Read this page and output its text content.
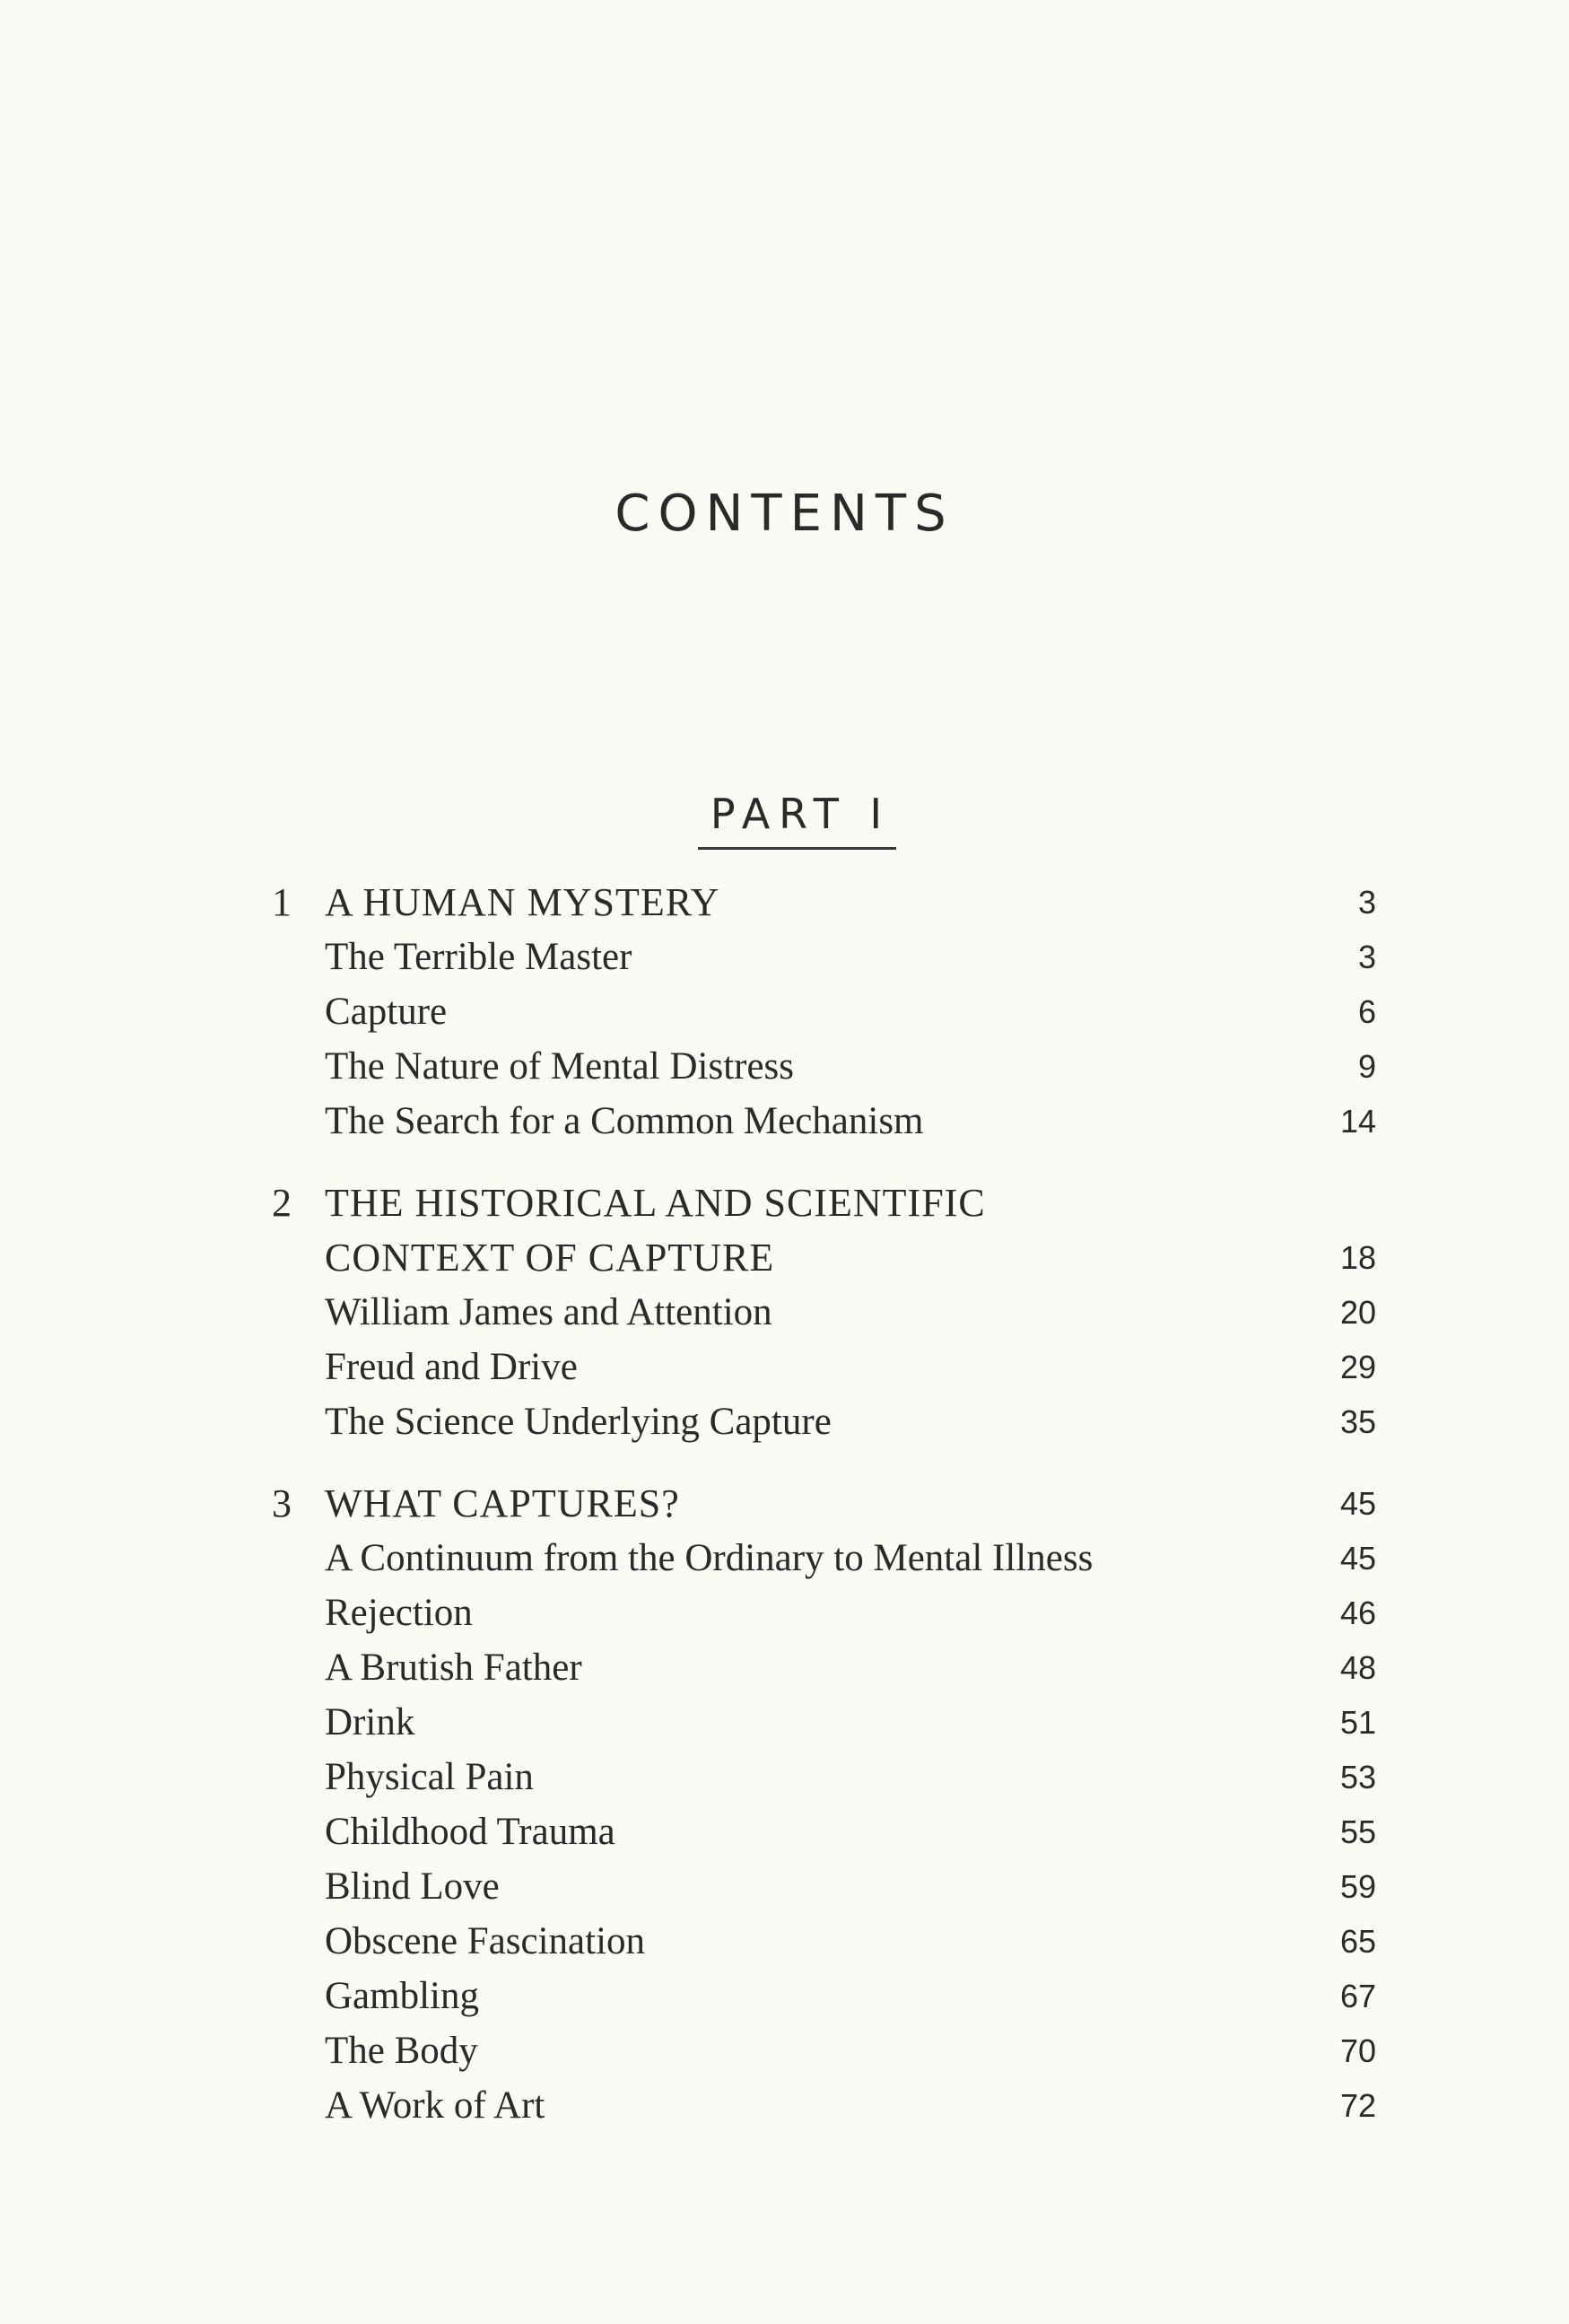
CONTENTS
PART I
1 A HUMAN MYSTERY	3
The Terrible Master	3
Capture	6
The Nature of Mental Distress	9
The Search for a Common Mechanism	14
2 THE HISTORICAL AND SCIENTIFIC
CONTEXT OF CAPTURE	18
William James and Attention	20
Freud and Drive	29
The Science Underlying Capture	35
3 WHAT CAPTURES?	45
A Continuum from the Ordinary to Mental Illness	45
Rejection	46
A Brutish Father	48
Drink	51
Physical Pain	53
Childhood Trauma	55
Blind Love	59
Obscene Fascination	65
Gambling	67
The Body	70
A Work of Art	72
